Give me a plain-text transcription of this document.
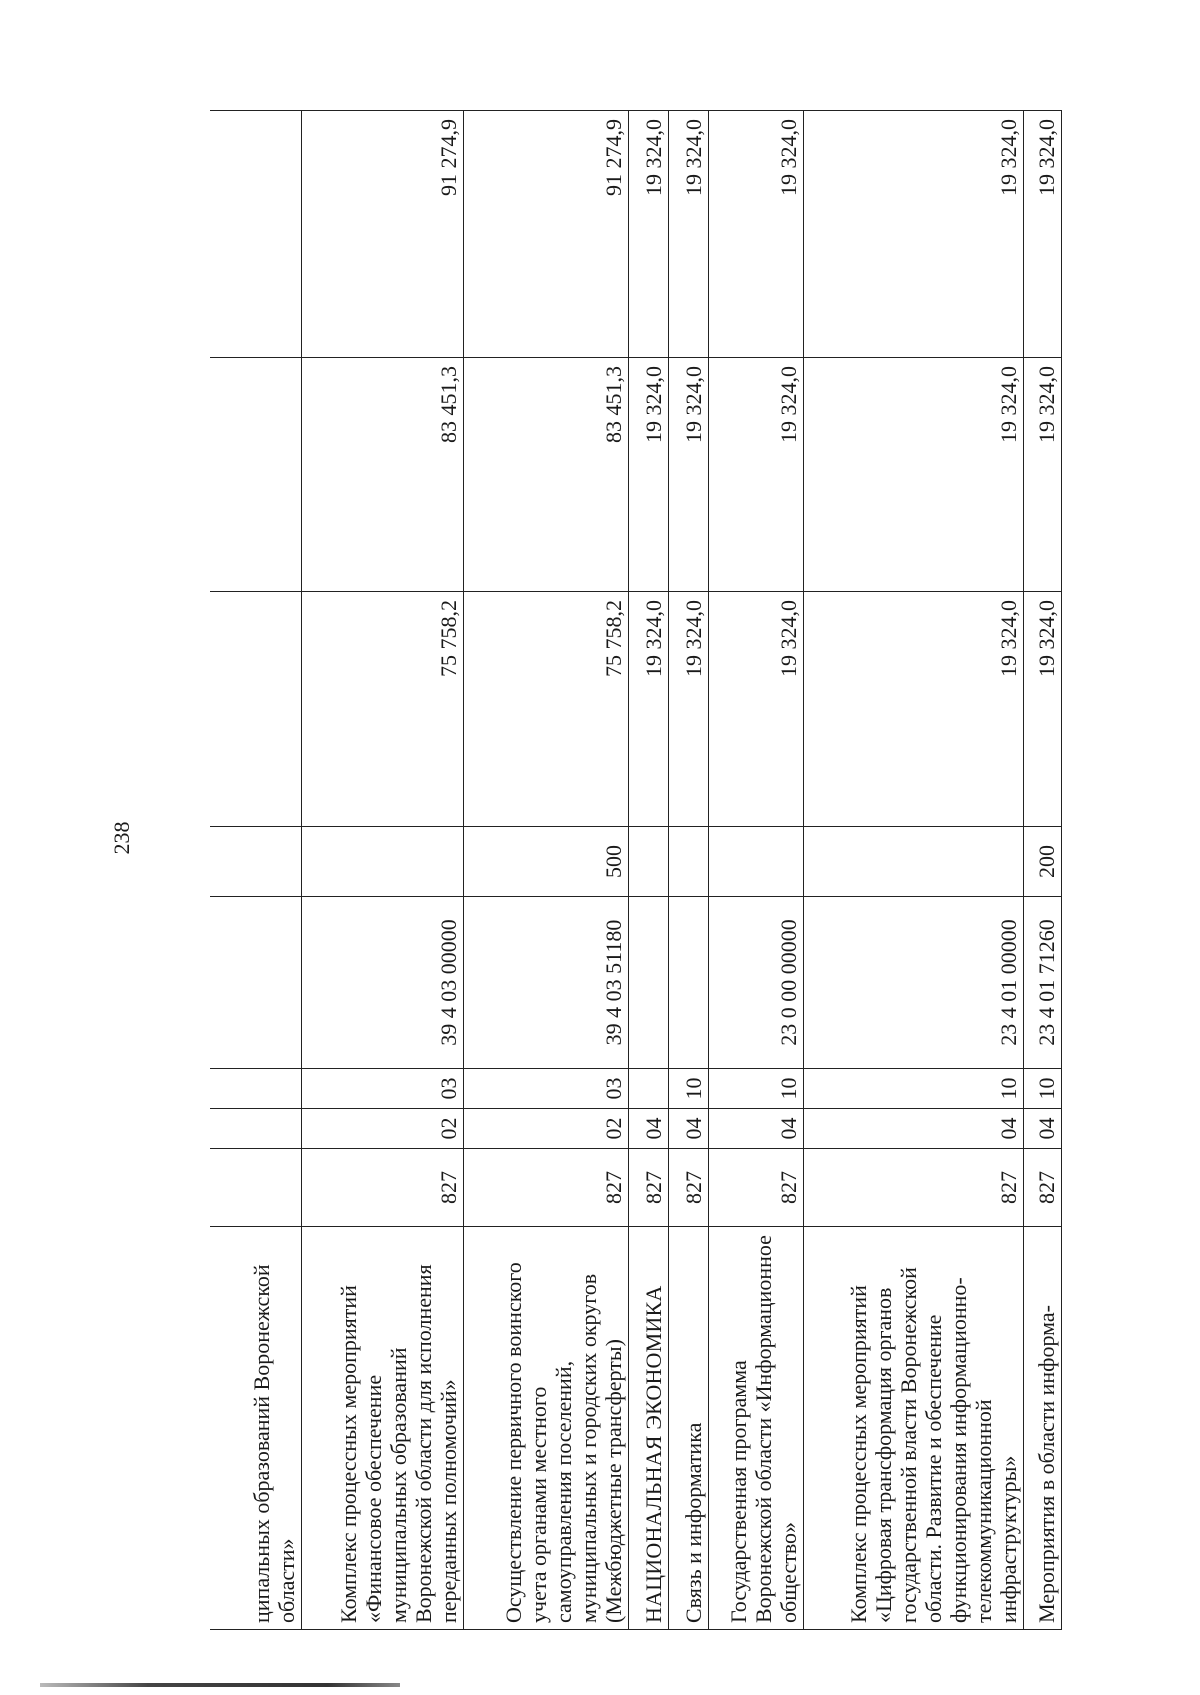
238
ципальных образований Воронежской области»								
Комплекс процессных мероприятий «Финансовое обеспечение муниципальных образований Воронежской области для исполнения переданных полномочий»	827	02	03	39 4 03 00000		75 758,2	83 451,3	91 274,9
Осуществление первичного воинского учета органами местного самоуправления поселений, муниципальных и городских округов (Межбюджетные трансферты)	827	02	03	39 4 03 51180	500	75 758,2	83 451,3	91 274,9
НАЦИОНАЛЬНАЯ ЭКОНОМИКА	827	04				19 324,0	19 324,0	19 324,0
Связь и информатика	827	04	10			19 324,0	19 324,0	19 324,0
Государственная программа Воронежской области «Информационное общество»	827	04	10	23 0 00 00000		19 324,0	19 324,0	19 324,0
Комплекс процессных мероприятий «Цифровая трансформация органов государственной власти Воронежской области. Развитие и обеспечение функционирования информационно-телекоммуникационной инфраструктуры»	827	04	10	23 4 01 00000		19 324,0	19 324,0	19 324,0
Мероприятия в области информа-	827	04	10	23 4 01 71260	200	19 324,0	19 324,0	19 324,0
